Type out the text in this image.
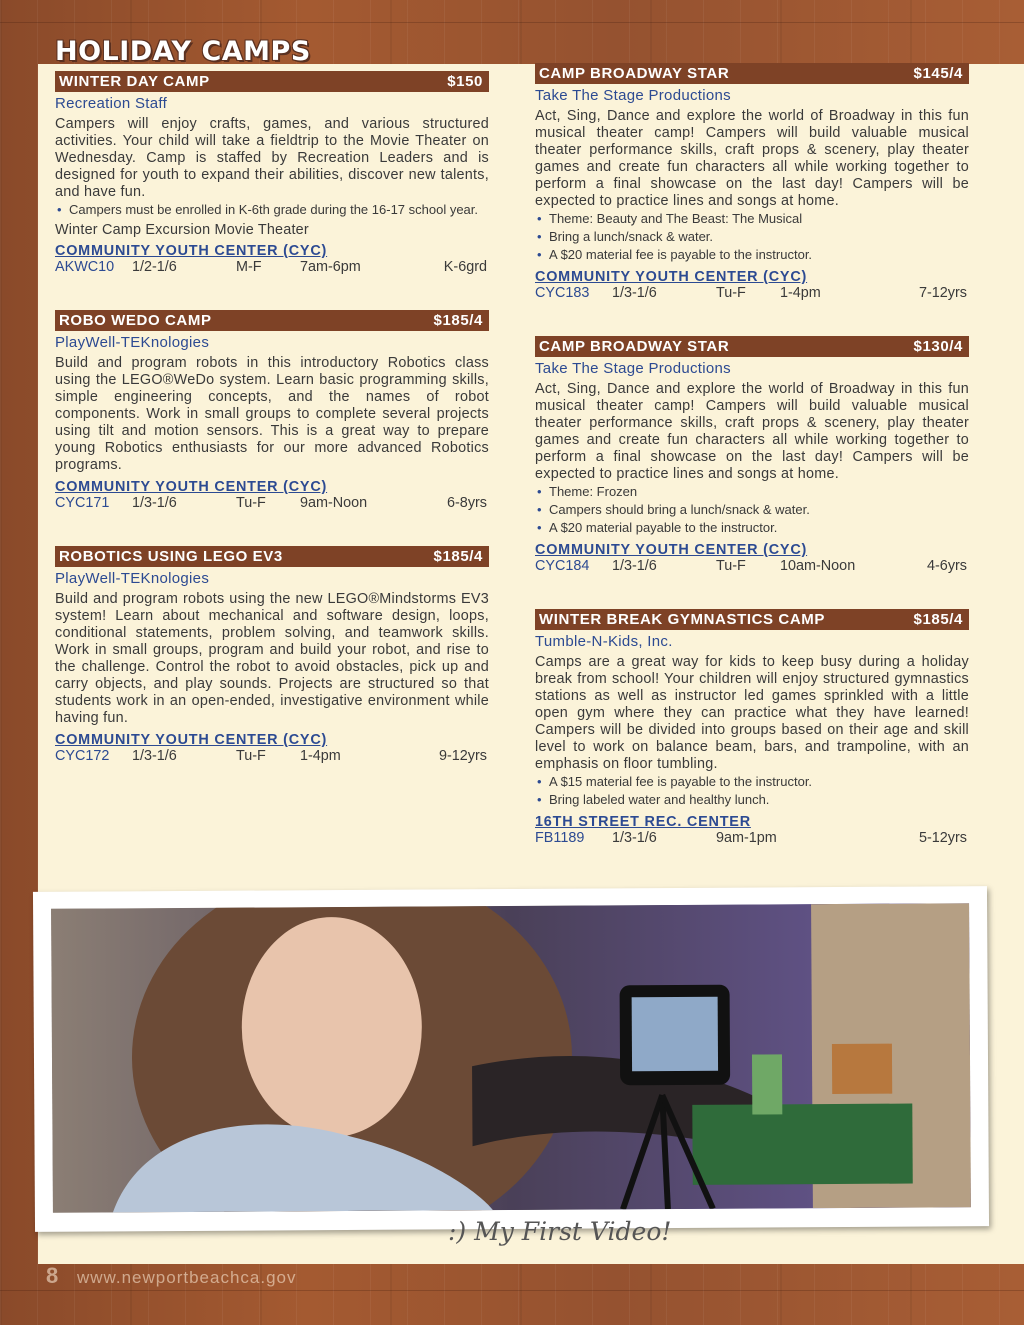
HOLIDAY CAMPS
WINTER DAY CAMP	$150
Recreation Staff

Campers will enjoy crafts, games, and various structured activities. Your child will take a fieldtrip to the Movie Theater on Wednesday. Camp is staffed by Recreation Leaders and is designed for youth to expand their abilities, discover new talents, and have fun.

• Campers must be enrolled in K-6th grade during the 16-17 school year.
Winter Camp Excursion Movie Theater
COMMUNITY YOUTH CENTER (CYC)
AKWC10 1/2-1/6	M-F	7am-6pm	K-6grd
ROBO WEDO CAMP	$185/4
PlayWell-TEKnologies

Build and program robots in this introductory Robotics class using the LEGO®WeDo system. Learn basic programming skills, simple engineering concepts, and the names of robot components. Work in small groups to complete several projects using tilt and motion sensors. This is a great way to prepare young Robotics enthusiasts for our more advanced Robotics programs.

COMMUNITY YOUTH CENTER (CYC)
CYC171 1/3-1/6	Tu-F 9am-Noon	6-8yrs
ROBOTICS USING LEGO EV3	$185/4
PlayWell-TEKnologies

Build and program robots using the new LEGO®Mindstorms EV3 system! Learn about mechanical and software design, loops, conditional statements, problem solving, and teamwork skills. Work in small groups, program and build your robot, and rise to the challenge. Control the robot to avoid obstacles, pick up and carry objects, and play sounds. Projects are structured so that students work in an open-ended, investigative environment while having fun.

COMMUNITY YOUTH CENTER (CYC)
CYC172 1/3-1/6	Tu-F 1-4pm	9-12yrs
CAMP BROADWAY STAR	$145/4
Take The Stage Productions

Act, Sing, Dance and explore the world of Broadway in this fun musical theater camp! Campers will build valuable musical theater performance skills, craft props & scenery, play theater games and create fun characters all while working together to perform a final showcase on the last day! Campers will be expected to practice lines and songs at home.

• Theme: Beauty and The Beast: The Musical
• Bring a lunch/snack & water.
• A $20 material fee is payable to the instructor.
COMMUNITY YOUTH CENTER (CYC)
CYC183 1/3-1/6	Tu-F 1-4pm	7-12yrs
CAMP BROADWAY STAR	$130/4
Take The Stage Productions

Act, Sing, Dance and explore the world of Broadway in this fun musical theater camp! Campers will build valuable musical theater performance skills, craft props & scenery, play theater games and create fun characters all while working together to perform a final showcase on the last day! Campers will be expected to practice lines and songs at home.

• Theme: Frozen
• Campers should bring a lunch/snack & water.
• A $20 material payable to the instructor.
COMMUNITY YOUTH CENTER (CYC)
CYC184 1/3-1/6	Tu-F 10am-Noon	4-6yrs
WINTER BREAK GYMNASTICS CAMP	$185/4
Tumble-N-Kids, Inc.

Camps are a great way for kids to keep busy during a holiday break from school! Your children will enjoy structured gymnastics stations as well as instructor led games sprinkled with a little open gym where they can practice what they have learned! Campers will be divided into groups based on their age and skill level to work on balance beam, bars, and trampoline, with an emphasis on floor tumbling.

• A $15 material fee is payable to the instructor.
• Bring labeled water and healthy lunch.
16TH STREET REC. CENTER
FB1189 1/3-1/6	9am-1pm	5-12yrs
:) My First Video!
8 www.newportbeachca.gov
